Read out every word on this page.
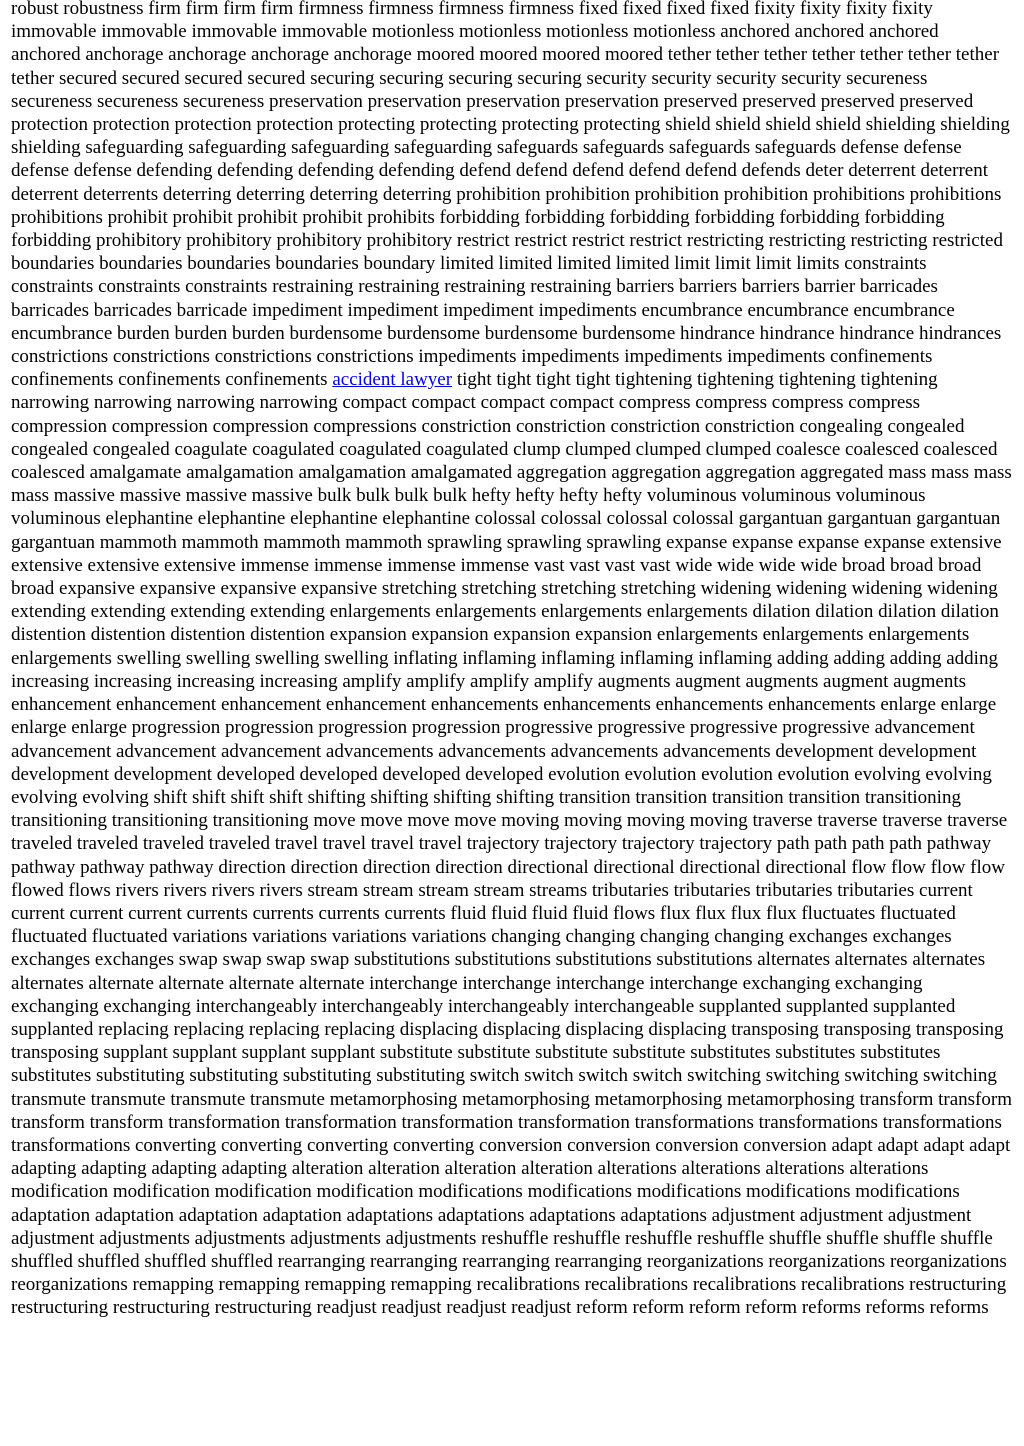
robust robustness firm firm firm firm firmness firmness firmness firmness fixed fixed fixed fixed fixity fixity fixity fixity immovable immovable immovable immovable motionless motionless motionless motionless anchored anchored anchored anchored anchorage anchorage anchorage anchorage moored moored moored moored tether tether tether tether tether tether tether tether secured secured secured secured securing securing securing securing security security security security secureness secureness secureness secureness preservation preservation preservation preservation preserved preserved preserved preserved protection protection protection protection protecting protecting protecting protecting shield shield shield shield shielding shielding shielding safeguarding safeguarding safeguarding safeguarding safeguards safeguards safeguards safeguards defense defense defense defense defending defending defending defending defend defend defend defend defend defends deter deterrent deterrent deterrent deterrents deterring deterring deterring deterring prohibition prohibition prohibition prohibition prohibitions prohibitions prohibitions prohibit prohibit prohibit prohibit prohibits forbidding forbidding forbidding forbidding forbidding forbidding forbidding prohibitory prohibitory prohibitory prohibitory restrict restrict restrict restrict restricting restricting restricting restricted boundaries boundaries boundaries boundaries boundary limited limited limited limited limit limit limit limits constraints constraints constraints constraints restraining restraining restraining restraining barriers barriers barriers barrier barricades barricades barricades barricade impediment impediment impediment impediments encumbrance encumbrance encumbrance encumbrance burden burden burden burdensome burdensome burdensome burdensome hindrance hindrance hindrance hindrances constrictions constrictions constrictions constrictions impediments impediments impediments impediments confinements confinements confinements confinements accident lawyer tight tight tight tight tightening tightening tightening tightening narrowing narrowing narrowing narrowing compact compact compact compact compress compress compress compress compression compression compression compressions constriction constriction constriction constriction congealing congealed congealed congealed coagulate coagulated coagulated coagulated clump clumped clumped clumped coalesce coalesced coalesced coalesced amalgamate amalgamation amalgamation amalgamated aggregation aggregation aggregation aggregated mass mass mass mass massive massive massive massive bulk bulk bulk bulk hefty hefty hefty hefty voluminous voluminous voluminous voluminous elephantine elephantine elephantine elephantine colossal colossal colossal colossal gargantuan gargantuan gargantuan gargantuan mammoth mammoth mammoth mammoth sprawling sprawling sprawling expanse expanse expanse expanse extensive extensive extensive extensive immense immense immense immense vast vast vast vast wide wide wide wide broad broad broad broad expansive expansive expansive expansive stretching stretching stretching stretching widening widening widening widening extending extending extending extending enlargements enlargements enlargements enlargements dilation dilation dilation dilation distention distention distention distention expansion expansion expansion expansion enlargements enlargements enlargements enlargements swelling swelling swelling swelling inflating inflaming inflaming inflaming inflaming adding adding adding adding increasing increasing increasing increasing amplify amplify amplify amplify augments augment augments augment augments enhancement enhancement enhancement enhancement enhancements enhancements enhancements enhancements enlarge enlarge enlarge enlarge progression progression progression progression progressive progressive progressive progressive advancement advancement advancement advancement advancements advancements advancements advancements development development development development developed developed developed developed evolution evolution evolution evolution evolving evolving evolving evolving shift shift shift shift shifting shifting shifting shifting transition transition transition transition transitioning transitioning transitioning transitioning move move move move moving moving moving moving traverse traverse traverse traverse traveled traveled traveled traveled travel travel travel travel trajectory trajectory trajectory trajectory path path path path pathway pathway pathway pathway direction direction direction direction directional directional directional directional flow flow flow flow flowed flows rivers rivers rivers rivers stream stream stream stream streams tributaries tributaries tributaries tributaries current current current current currents currents currents currents fluid fluid fluid fluid flows flux flux flux flux fluctuates fluctuated fluctuated fluctuated variations variations variations variations changing changing changing changing exchanges exchanges exchanges exchanges swap swap swap swap substitutions substitutions substitutions substitutions alternates alternates alternates alternates alternate alternate alternate alternate interchange interchange interchange interchange exchanging exchanging exchanging exchanging interchangeably interchangeably interchangeably interchangeable supplanted supplanted supplanted supplanted replacing replacing replacing replacing displacing displacing displacing displacing transposing transposing transposing transposing supplant supplant supplant supplant substitute substitute substitute substitute substitutes substitutes substitutes substitutes substituting substituting substituting substituting switch switch switch switch switching switching switching switching transmute transmute transmute transmute metamorphosing metamorphosing metamorphosing metamorphosing transform transform transform transform transformation transformation transformation transformation transformations transformations transformations transformations converting converting converting converting conversion conversion conversion conversion adapt adapt adapt adapt adapting adapting adapting adapting alteration alteration alteration alteration alterations alterations alterations alterations modification modification modification modification modifications modifications modifications modifications modifications adaptation adaptation adaptation adaptation adaptations adaptations adaptations adaptations adjustment adjustment adjustment adjustment adjustments adjustments adjustments adjustments reshuffle reshuffle reshuffle reshuffle shuffle shuffle shuffle shuffle shuffled shuffled shuffled shuffled rearranging rearranging rearranging rearranging reorganizations reorganizations reorganizations reorganizations remapping remapping remapping remapping recalibrations recalibrations recalibrations recalibrations restructuring restructuring restructuring restructuring readjust readjust readjust readjust reform reform reform reform reforms reforms reforms
